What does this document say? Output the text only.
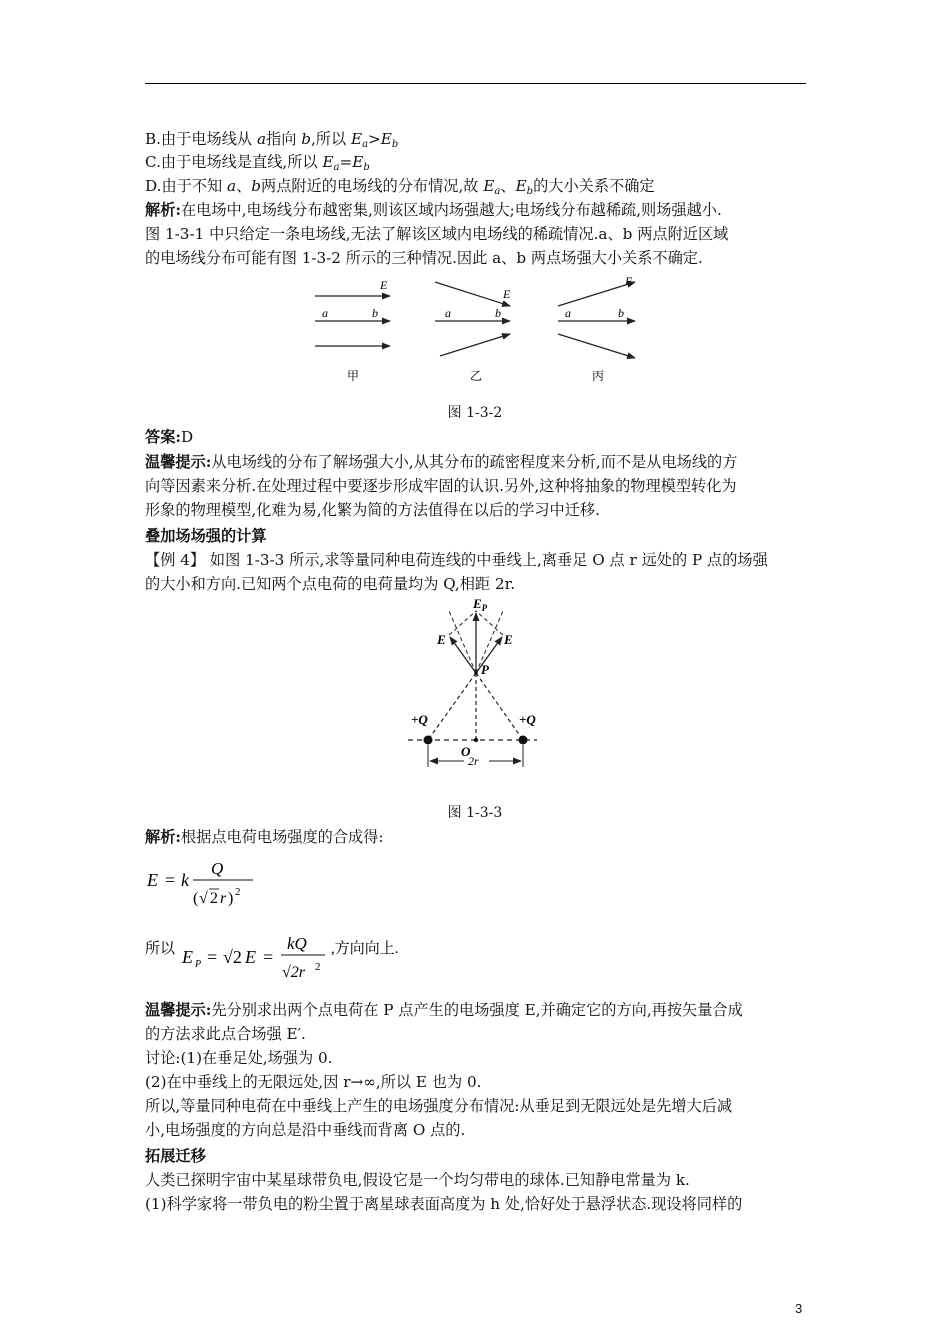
B.由于电场线从 a指向 b,所以 $E_a>E_b$
C.由于电场线是直线,所以 $E_a=E_b$
D.由于不知 a、b两点附近的电场线的分布情况,故 $E_a$、$E_b$的大小关系不确定
解析:在电场中,电场线分布越密集,则该区域内场强越大;电场线分布越稀疏,则场强越小.
图 1-3-1 中只给定一条电场线,无法了解该区域内电场线的稀疏情况.a、b 两点附近区域
的电场线分布可能有图 1-3-2 所示的三种情况.因此 a、b 两点场强大小关系不确定.
E
a	b
甲
E
a	b
乙
E
a	b
丙
图 1-3-2
答案:D
温馨提示:从电场线的分布了解场强大小,从其分布的疏密程度来分析,而不是从电场线的方
向等因素来分析.在处理过程中要逐步形成牢固的认识.另外,这种将抽象的物理模型转化为
形象的物理模型,化难为易,化繁为简的方法值得在以后的学习中迁移.
叠加场场强的计算
【例 4】 如图 1-3-3 所示,求等量同种电荷连线的中垂线上,离垂足 O 点 r 远处的 P 点的场强
的大小和方向.已知两个点电荷的电荷量均为 Q,相距 2r.
$E_P$
E	E
P
+Q	+Q
O
2r
图 1-3-3
解析:根据点电荷电场强度的合成得:
E = k
Q
( √ 2 r ) 2
所以 E P = √2 E =
kQ
√2r 2
,方向向上.
温馨提示:先分别求出两个点电荷在 P 点产生的电场强度 E,并确定它的方向,再按矢量合成
的方法求此点合场强 E′.
讨论:(1)在垂足处,场强为 0.
(2)在中垂线上的无限远处,因 r→∞,所以 E 也为 0.
所以,等量同种电荷在中垂线上产生的电场强度分布情况:从垂足到无限远处是先增大后减
小,电场强度的方向总是沿中垂线而背离 O 点的.
拓展迁移
人类已探明宇宙中某星球带负电,假设它是一个均匀带电的球体.已知静电常量为 k.
(1)科学家将一带负电的粉尘置于离星球表面高度为 h 处,恰好处于悬浮状态.现设将同样的
3
